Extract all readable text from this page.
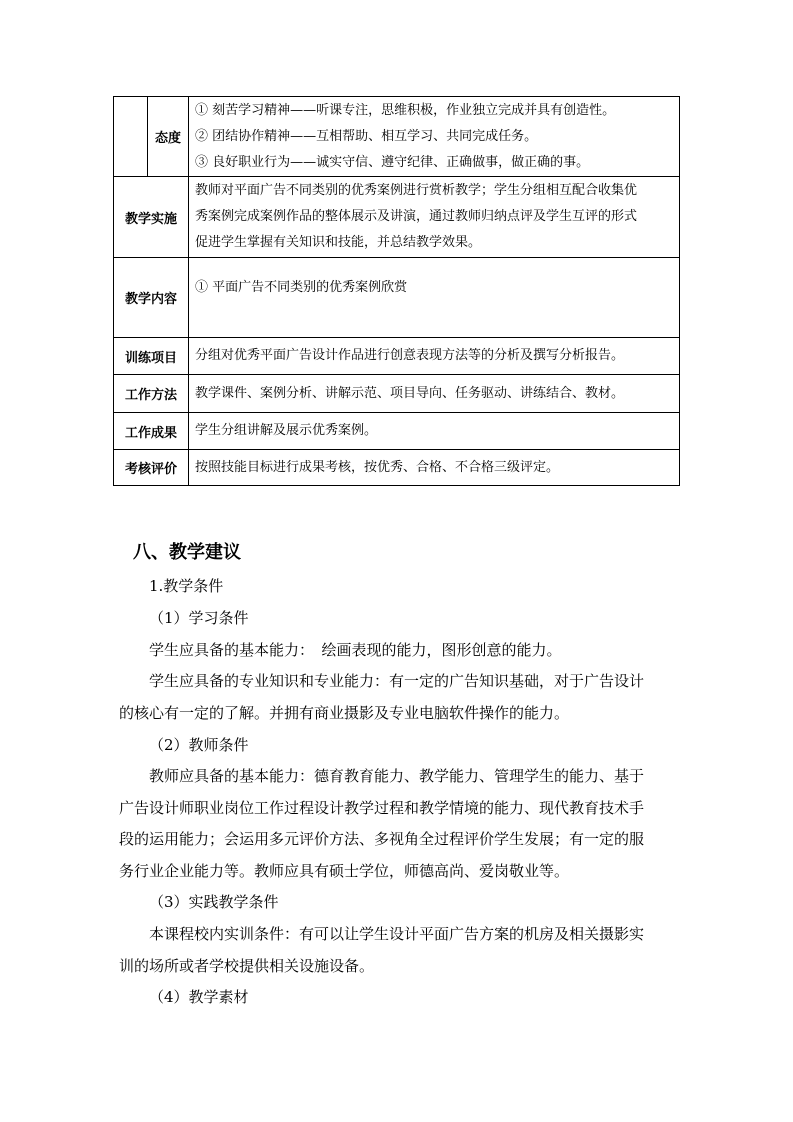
	态度	① 刻苦学习精神——听课专注，思维积极，作业独立完成并具有创造性。
② 团结协作精神——互相帮助、相互学习、共同完成任务。
③ 良好职业行为——诚实守信、遵守纪律、正确做事，做正确的事。

教学实施		教师对平面广告不同类别的优秀案例进行赏析教学；学生分组相互配合收集优
秀案例完成案例作品的整体展示及讲演，通过教师归纳点评及学生互评的形式
促进学生掌握有关知识和技能，并总结教学效果。

教学内容		① 平面广告不同类别的优秀案例欣赏
训练项目		分组对优秀平面广告设计作品进行创意表现方法等的分析及撰写分析报告。
工作方法		教学课件、案例分析、讲解示范、项目导向、任务驱动、讲练结合、教材。
工作成果		学生分组讲解及展示优秀案例。
考核评价		按照技能目标进行成果考核，按优秀、合格、不合格三级评定。
八、教学建议
1.教学条件
（1）学习条件
学生应具备的基本能力：　绘画表现的能力，图形创意的能力。
学生应具备的专业知识和专业能力：有一定的广告知识基础，对于广告设计
的核心有一定的了解。并拥有商业摄影及专业电脑软件操作的能力。
（2）教师条件
教师应具备的基本能力：德育教育能力、教学能力、管理学生的能力、基于
广告设计师职业岗位工作过程设计教学过程和教学情境的能力、现代教育技术手
段的运用能力；会运用多元评价方法、多视角全过程评价学生发展；有一定的服
务行业企业能力等。教师应具有硕士学位，师德高尚、爱岗敬业等。
（3）实践教学条件
本课程校内实训条件：有可以让学生设计平面广告方案的机房及相关摄影实
训的场所或者学校提供相关设施设备。
（4）教学素材
